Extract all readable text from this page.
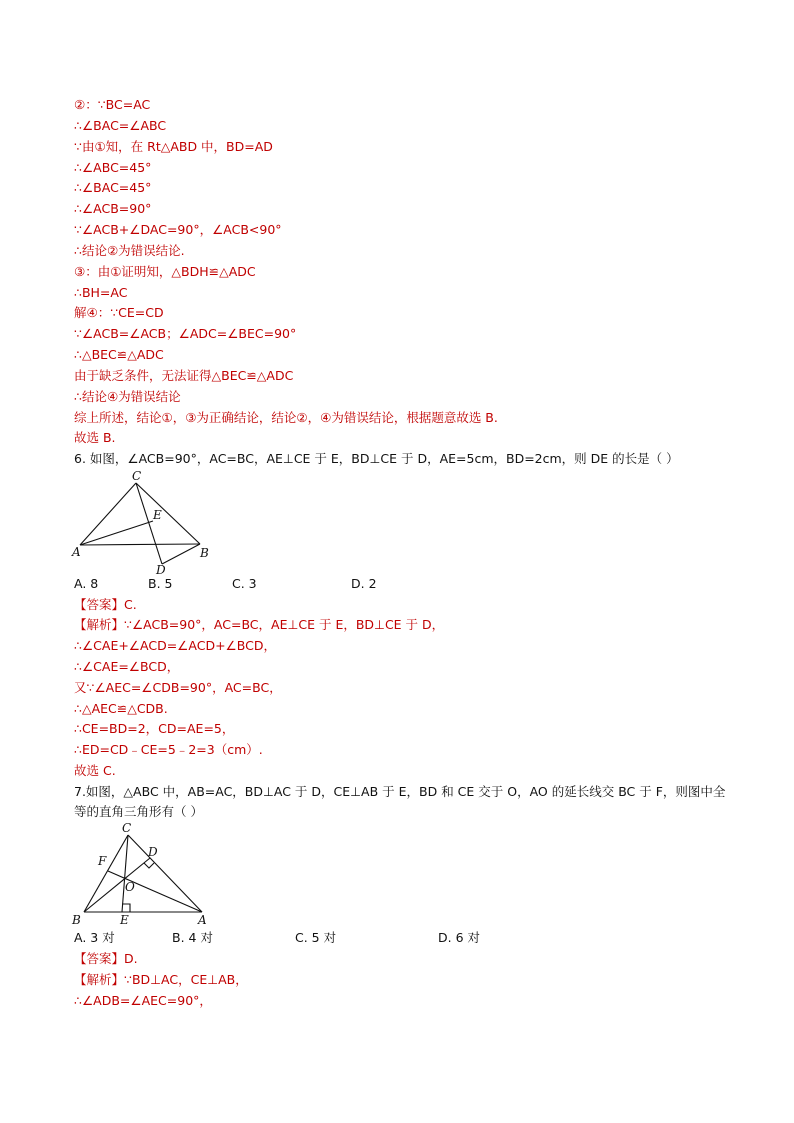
②：∵BC=AC
∴∠BAC=∠ABC
∵由①知，在 Rt△ABD 中，BD=AD
∴∠ABC=45°
∴∠BAC=45°
∴∠ACB=90°
∵∠ACB+∠DAC=90°，∠ACB<90°
∴结论②为错误结论.
③：由①证明知，△BDH≌△ADC
∴BH=AC
解④：∵CE=CD
∵∠ACB=∠ACB；∠ADC=∠BEC=90°
∴△BEC≌△ADC
由于缺乏条件，无法证得△BEC≌△ADC
∴结论④为错误结论
综上所述，结论①，③为正确结论，结论②，④为错误结论，根据题意故选 B.
故选 B.
6. 如图，∠ACB=90°，AC=BC，AE⊥CE 于 E，BD⊥CE 于 D，AE=5cm，BD=2cm，则 DE 的长是（ ）
C
E
A	B
D
A. 8	B. 5	C. 3	D. 2
【答案】C.
【解析】∵∠ACB=90°，AC=BC，AE⊥CE 于 E，BD⊥CE 于 D，
∴∠CAE+∠ACD=∠ACD+∠BCD，
∴∠CAE=∠BCD，
又∵∠AEC=∠CDB=90°，AC=BC，
∴△AEC≌△CDB.
∴CE=BD=2，CD=AE=5，
∴ED=CD﹣CE=5﹣2=3（cm）.
故选 C.
7.如图，△ABC 中，AB=AC，BD⊥AC 于 D，CE⊥AB 于 E，BD 和 CE 交于 O，AO 的延长线交 BC 于 F，则图中全
等的直角三角形有（ ）
C
D
F
O
B	E	A
A. 3 对	B. 4 对	C. 5 对	D. 6 对
【答案】D.
【解析】∵BD⊥AC，CE⊥AB，
∴∠ADB=∠AEC=90°，
